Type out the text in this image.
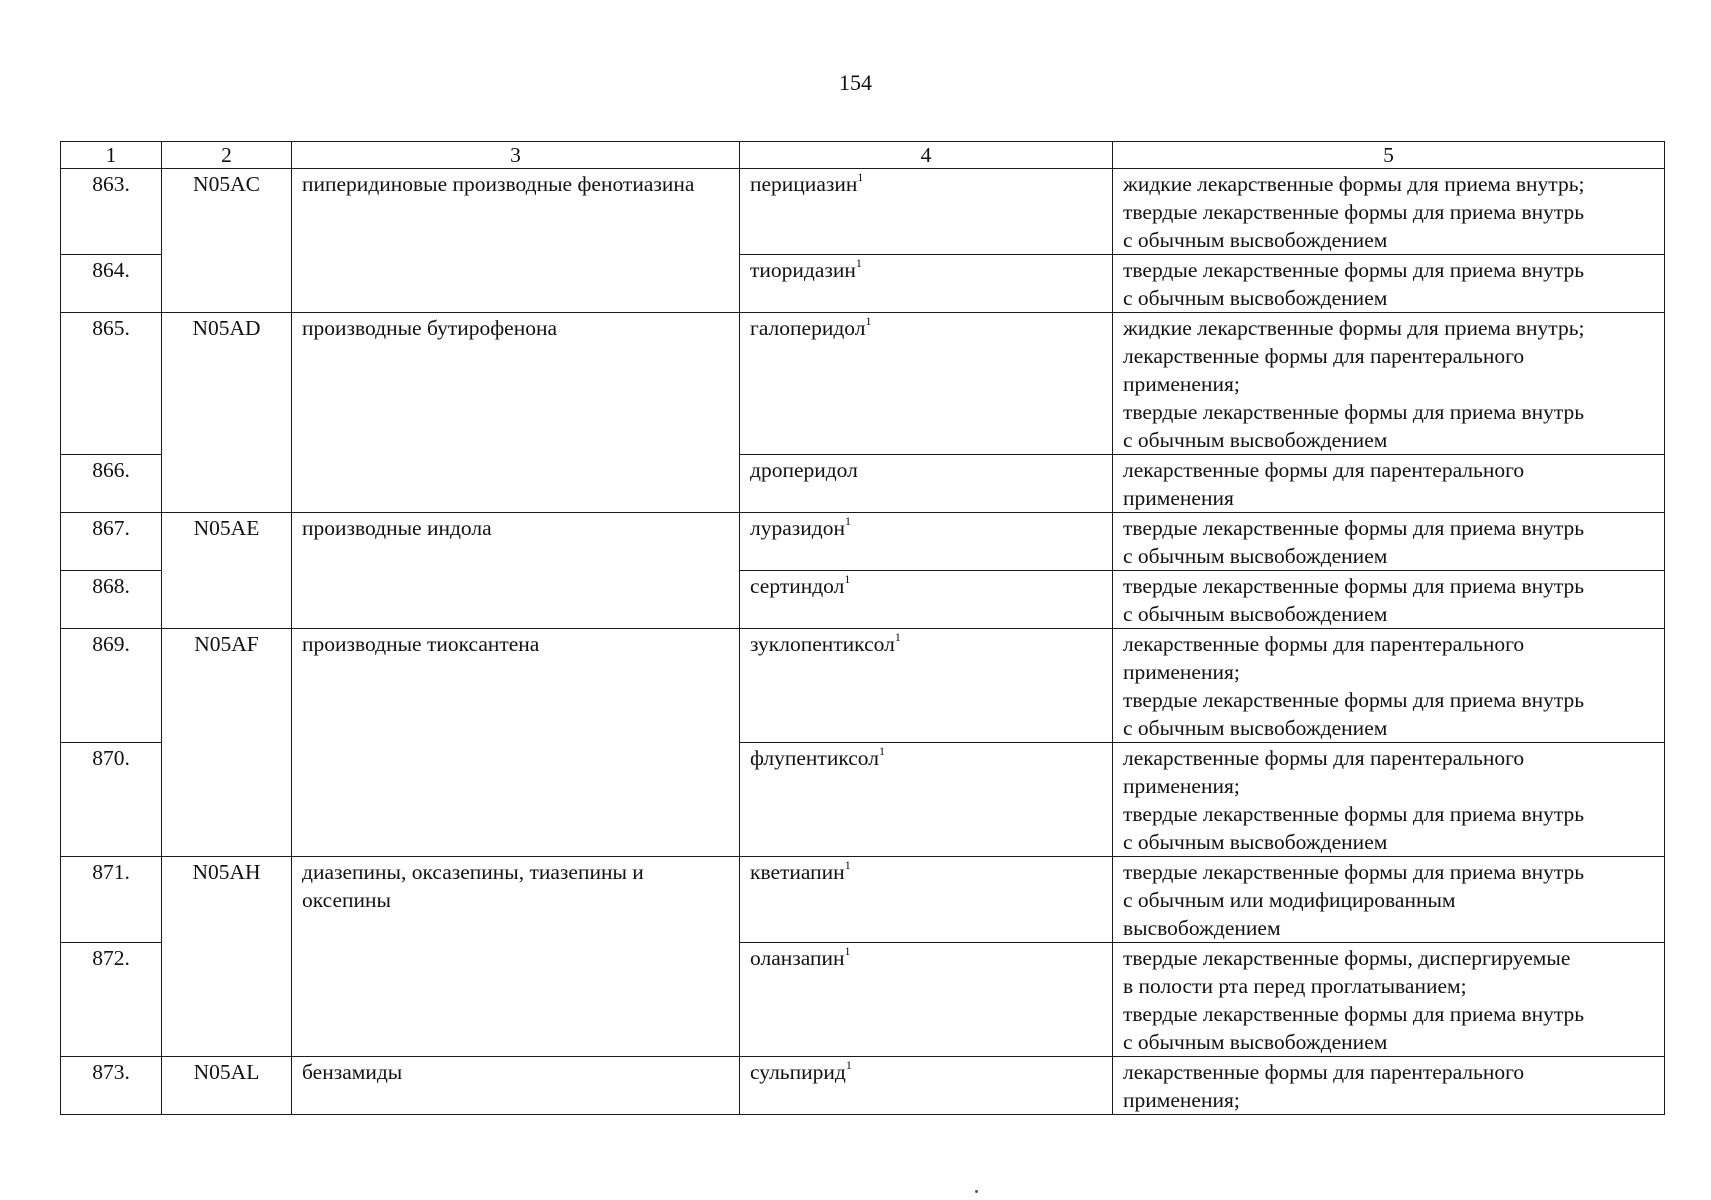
154
1	2	3	4	5
863.	N05AC	пиперидиновые производные фенотиазина	перициазин$^1$	жидкие лекарственные формы для приема внутрь;
твердые лекарственные формы для приема внутрь
с обычным высвобождением

864.			тиоридазин$^1$	твердые лекарственные формы для приема внутрь
с обычным высвобождением

865.	N05AD	производные бутирофенона	галоперидол$^1$	жидкие лекарственные формы для приема внутрь;
лекарственные формы для парентерального
применения;
твердые лекарственные формы для приема внутрь
с обычным высвобождением

866.			дроперидол	лекарственные формы для парентерального
применения

867.	N05AE	производные индола	луразидон$^1$	твердые лекарственные формы для приема внутрь
с обычным высвобождением

868.			сертиндол$^1$	твердые лекарственные формы для приема внутрь
с обычным высвобождением

869.	N05AF	производные тиоксантена	зуклопентиксол$^1$	лекарственные формы для парентерального
применения;
твердые лекарственные формы для приема внутрь
с обычным высвобождением

870.			флупентиксол$^1$	лекарственные формы для парентерального
применения;
твердые лекарственные формы для приема внутрь
с обычным высвобождением

871.	N05AH	диазепины, оксазепины, тиазепины и оксепины	кветиапин$^1$	твердые лекарственные формы для приема внутрь
с обычным или модифицированным
высвобождением

872.			оланзапин$^1$	твердые лекарственные формы, диспергируемые
в полости рта перед проглатыванием;
твердые лекарственные формы для приема внутрь
с обычным высвобождением

873.	N05AL	бензамиды	сульпирид$^1$	лекарственные формы для парентерального
применения;
